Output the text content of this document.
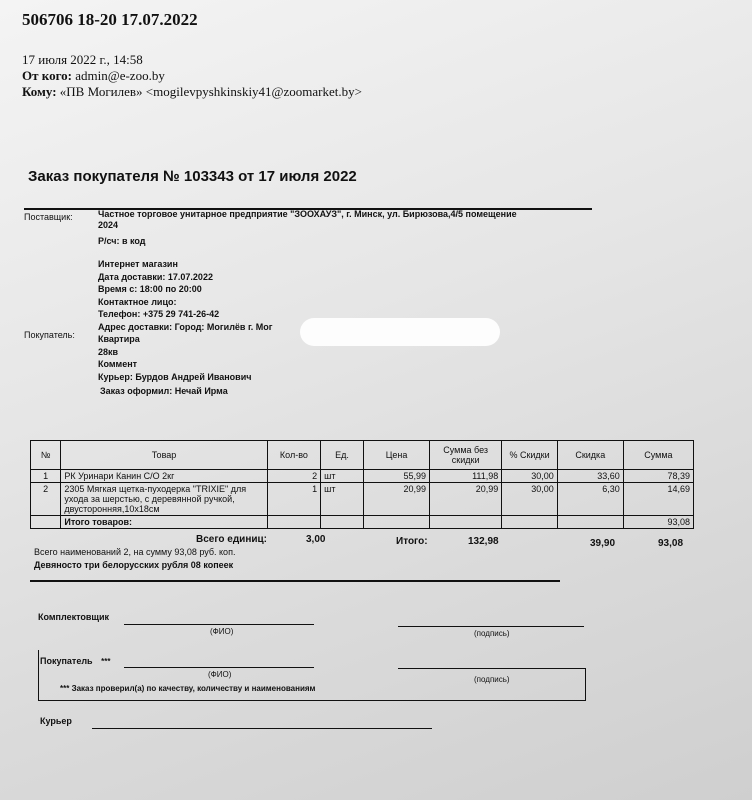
506706 18-20 17.07.2022
17 июля 2022 г., 14:58
От кого: admin@e-zoo.by
Кому: «ПВ Могилев» <mogilevpyshkinskiy41@zoomarket.by>
Заказ покупателя № 103343 от 17 июля 2022
Поставщик:	Частное торговое унитарное предприятие "ЗООХАУЗ", г. Минск, ул. Бирюзова,4/5 помещение
2024
Р/сч: в код
Покупатель:
Интернет магазин
Дата доставки: 17.07.2022
Время с: 18:00 по 20:00
Контактное лицо:
Телефон: +375 29 741-26-42
Адрес доставки: Город: Могилёв г. Мог
Квартира
28кв
Коммент
Курьер: Бурдов Андрей Иванович
Заказ оформил: Нечай Ирма
№	Товар	Кол-во	Ед.	Цена	Сумма без скидки	% Скидки	Скидка	Сумма
1	РК Уринари Канин С/О 2кг	2	шт	55,99	111,98	30,00	33,60	78,39
2	2305 Мягкая щетка-пуходерка "TRIXIE" для ухода за шерстью, с деревянной ручкой, двусторонняя,10х18см	1	шт	20,99	20,99	30,00	6,30	14,69
	Итого товаров:							93,08
Всего единиц:	3,00	Итого:	132,98	39,90	93,08
Всего наименований 2, на сумму 93,08 руб. коп.
Девяносто три белорусских рубля 08 копеек
Комплектовщик
(ФИО)	(подпись)
Покупатель ***
(ФИО)
(подпись)
*** Заказ проверил(а) по качеству, количеству и наименованиям
Курьер
